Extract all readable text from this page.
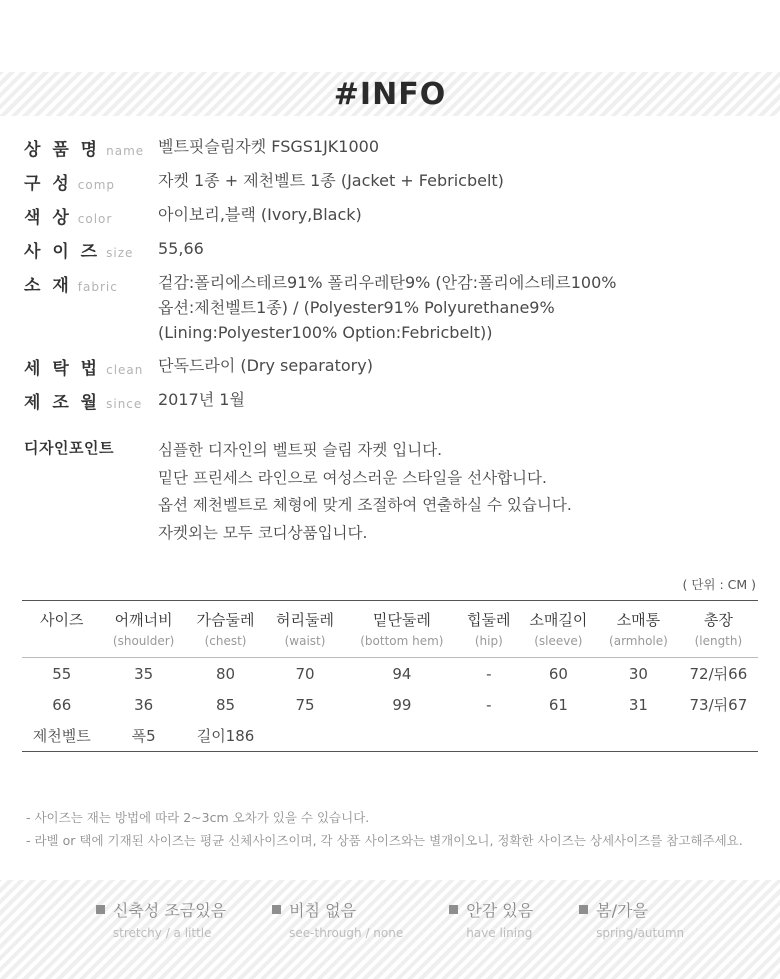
#INFO
상 품 명 name 벨트핏슬림자켓 FSGS1JK1000
구 성 comp	자켓 1종 + 제천벨트 1종 (Jacket + Febricbelt)
색 상 color	아이보리,블랙 (Ivory,Black)
사 이 즈 size 55,66
소 재 fabric	겉감:폴리에스테르91% 폴리우레탄9% (안감:폴리에스테르100%
옵션:제천벨트1종) / (Polyester91% Polyurethane9%
(Lining:Polyester100% Option:Febricbelt))
세 탁 법 clean 단독드라이 (Dry separatory)
제 조 월 since 2017년 1월
디자인포인트	심플한 디자인의 벨트핏 슬림 자켓 입니다.
밑단 프린세스 라인으로 여성스러운 스타일을 선사합니다.
옵션 제천벨트로 체형에 맞게 조절하여 연출하실 수 있습니다.
자켓외는 모두 코디상품입니다.
( 단위 : CM )
사이즈	어깨너비	가슴둘레	허리둘레	밑단둘레	힙둘레	소매길이	소매통	총장
	(shoulder)	(chest)	(waist)	(bottom hem)	(hip)	(sleeve)	(armhole)	(length)
55	35	80	70	94	-	60	30	72/뒤66
66	36	85	75	99	-	61	31	73/뒤67
제천벨트	폭5	길이186						
- 사이즈는 재는 방법에 따라 2~3cm 오차가 있을 수 있습니다.
- 라벨 or 택에 기재된 사이즈는 평균 신체사이즈이며, 각 상품 사이즈와는 별개이오니, 정확한 사이즈는 상세사이즈를 참고해주세요.
신축성 조금있음
stretchy / a little
비침 없음
see-through / none
안감 있음
have lining
봄/가을
spring/autumn
